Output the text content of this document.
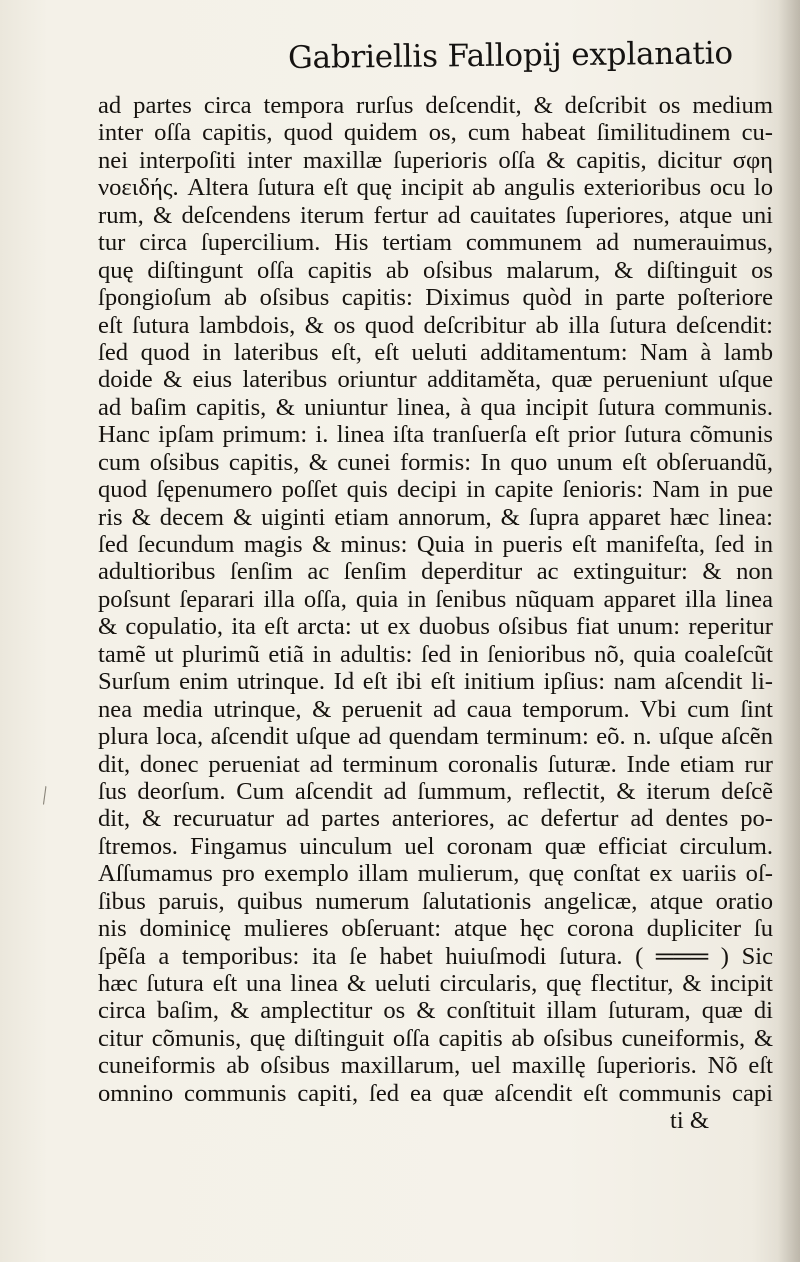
Gabriellis Fallopij explanatio
ad partes circa tempora rurſus deſcendit, & deſcribit os medium
inter oſſa capitis, quod quidem os, cum habeat ſimilitudinem cu-
nei interpoſiti inter maxillæ ſuperioris oſſa & capitis, dicitur σφη
νοειδής. Altera ſutura eſt quę incipit ab angulis exterioribus ocu lo
rum, & deſcendens iterum fertur ad cauitates ſuperiores, atque uni
tur circa ſupercilium. His tertiam communem ad numerauimus,
quę diſtingunt oſſa capitis ab oſsibus malarum, & diſtinguit os
ſpongioſum ab oſsibus capitis: Diximus quòd in parte poſteriore
eſt ſutura lambdois, & os quod deſcribitur ab illa ſutura deſcendit:
ſed quod in lateribus eſt, eſt ueluti additamentum: Nam à lamb
doide & eius lateribus oriuntur additaměta, quæ perueniunt uſque
ad baſim capitis, & uniuntur linea, à qua incipit ſutura communis.
Hanc ipſam primum: i. linea iſta tranſuerſa eſt prior ſutura cõmunis
cum oſsibus capitis, & cunei formis: In quo unum eſt obſeruandũ,
quod ſępenumero poſſet quis decipi in capite ſenioris: Nam in pue
ris & decem & uiginti etiam annorum, & ſupra apparet hæc linea:
ſed ſecundum magis & minus: Quia in pueris eſt manifeſta, ſed in
adultioribus ſenſim ac ſenſim deperditur ac extinguitur: & non
poſsunt ſeparari illa oſſa, quia in ſenibus nũquam apparet illa linea
& copulatio, ita eſt arcta: ut ex duobus oſsibus fiat unum: reperitur
tamẽ ut plurimũ etiã in adultis: ſed in ſenioribus nõ, quia coaleſcũt
Surſum enim utrinque. Id eſt ibi eſt initium ipſius: nam aſcendit li-
nea media utrinque, & peruenit ad caua temporum. Vbi cum ſint
plura loca, aſcendit uſque ad quendam terminum: eõ. n. uſque aſcẽn
dit, donec perueniat ad terminum coronalis ſuturæ. Inde etiam rur
ſus deorſum. Cum aſcendit ad ſummum, reflectit, & iterum deſcẽ
dit, & recuruatur ad partes anteriores, ac defertur ad dentes po-
ſtremos. Fingamus uinculum uel coronam quæ efficiat circulum.
Aſſumamus pro exemplo illam mulierum, quę conſtat ex uariis oſ-
ſibus paruis, quibus numerum ſalutationis angelicæ, atque oratio
nis dominicę mulieres obſeruant: atque hęc corona dupliciter ſu
ſpẽſa a temporibus: ita ſe habet huiuſmodi ſutura. ( ═══ ) Sic
hæc ſutura eſt una linea & ueluti circularis, quę flectitur, & incipit
circa baſim, & amplectitur os & conſtituit illam ſuturam, quæ di
citur cõmunis, quę diſtinguit oſſa capitis ab oſsibus cuneiformis, &
cuneiformis ab oſsibus maxillarum, uel maxillę ſuperioris. Nõ eſt
omnino communis capiti, ſed ea quæ aſcendit eſt communis capi
ti &
╲
